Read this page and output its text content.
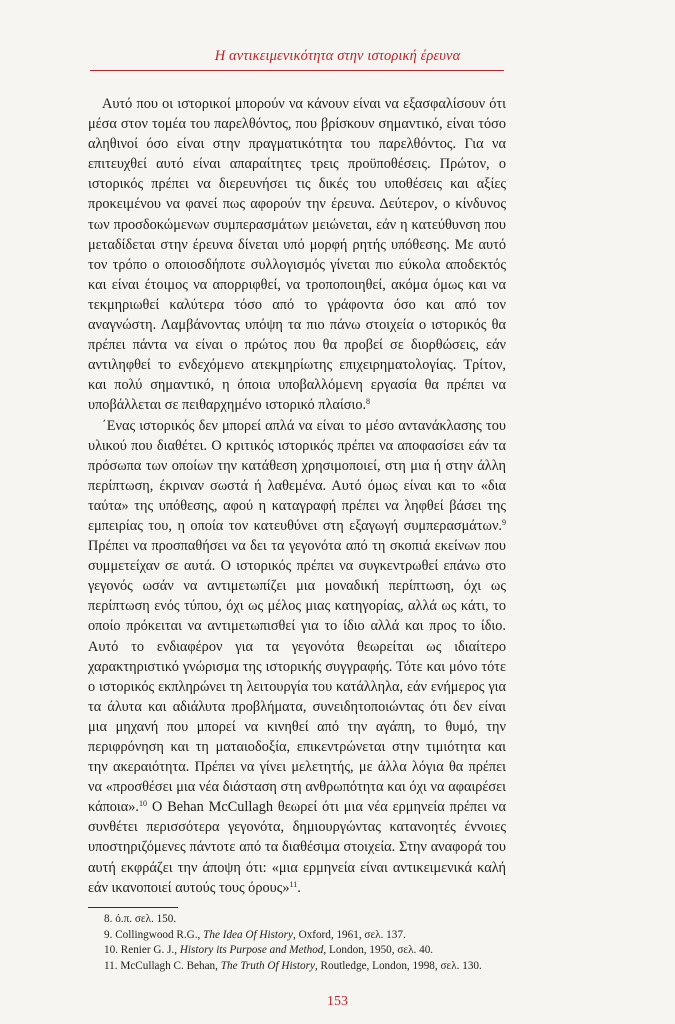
Η αντικειμενικότητα στην ιστορική έρευνα

Αυτό που οι ιστορικοί μπορούν να κάνουν είναι να εξασφαλίσουν ότι μέσα στον τομέα του παρελθόντος, που βρίσκουν σημαντικό, είναι τόσο αληθινοί όσο είναι στην πραγματικότητα του παρελθόντος. Για να επιτευχθεί αυτό είναι απαραίτητες τρεις προϋποθέσεις. Πρώτον, ο ιστορικός πρέπει να διερευνήσει τις δικές του υποθέσεις και αξίες προκειμένου να φανεί πως αφορούν την έρευνα. Δεύτερον, ο κίνδυνος των προσδοκώμενων συμπερασμάτων μειώνεται, εάν η κατεύθυνση που μεταδίδεται στην έρευνα δίνεται υπό μορφή ρητής υπόθεσης. Με αυτό τον τρόπο ο οποιοσδήποτε συλλογισμός γίνεται πιο εύκολα αποδεκτός και είναι έτοιμος να απορριφθεί, να τροποποιηθεί, ακόμα όμως και να τεκμηριωθεί καλύτερα τόσο από το γράφοντα όσο και από τον αναγνώστη. Λαμβάνοντας υπόψη τα πιο πάνω στοιχεία ο ιστορικός θα πρέπει πάντα να είναι ο πρώτος που θα προβεί σε διορθώσεις, εάν αντιληφθεί το ενδεχόμενο ατεκμηρίωτης επιχειρηματολογίας. Τρίτον, και πολύ σημαντικό, η όποια υποβαλλόμενη εργασία θα πρέπει να υποβάλλεται σε πειθαρχημένο ιστορικό πλαίσιο.$^8$

΄Ενας ιστορικός δεν μπορεί απλά να είναι το μέσο αντανάκλασης του υλικού που διαθέτει. Ο κριτικός ιστορικός πρέπει να αποφασίσει εάν τα πρόσωπα των οποίων την κατάθεση χρησιμοποιεί, στη μια ή στην άλλη περίπτωση, έκριναν σωστά ή λαθεμένα. Αυτό όμως είναι και το «δια ταύτα» της υπόθεσης, αφού η καταγραφή πρέπει να ληφθεί βάσει της εμπειρίας του, η οποία τον κατευθύνει στη εξαγωγή συμπερασμάτων.$^9$ Πρέπει να προσπαθήσει να δει τα γεγονότα από τη σκοπιά εκείνων που συμμετείχαν σε αυτά. Ο ιστορικός πρέπει να συγκεντρωθεί επάνω στο γεγονός ωσάν να αντιμετωπίζει μια μοναδική περίπτωση, όχι ως περίπτωση ενός τύπου, όχι ως μέλος μιας κατηγορίας, αλλά ως κάτι, το οποίο πρόκειται να αντιμετωπισθεί για το ίδιο αλλά και προς το ίδιο. Αυτό το ενδιαφέρον για τα γεγονότα θεωρείται ως ιδιαίτερο χαρακτηριστικό γνώρισμα της ιστορικής συγγραφής. Τότε και μόνο τότε ο ιστορικός εκπληρώνει τη λειτουργία του κατάλληλα, εάν ενήμερος για τα άλυτα και αδιάλυτα προβλήματα, συνειδητοποιώντας ότι δεν είναι μια μηχανή που μπορεί να κινηθεί από την αγάπη, το θυμό, την περιφρόνηση και τη ματαιοδοξία, επικεντρώνεται στην τιμιότητα και την ακεραιότητα. Πρέπει να γίνει μελετητής, με άλλα λόγια θα πρέπει να «προσθέσει μια νέα διάσταση στη ανθρωπότητα και όχι να αφαιρέσει κάποια».$^{10}$ Ο Behan McCullagh θεωρεί ότι μια νέα ερμηνεία πρέπει να συνθέτει περισσότερα γεγονότα, δημιουργώντας κατανοητές έννοιες υποστηριζόμενες πάντοτε από τα διαθέσιμα στοιχεία. Στην αναφορά του αυτή εκφράζει την άποψη ότι: «μια ερμηνεία είναι αντικειμενικά καλή εάν ικανοποιεί αυτούς τους όρους»$^{11}$.

8. ό.π. σελ. 150.
9. Collingwood R.G., The Idea Of History, Oxford, 1961, σελ. 137.
10. Renier G. J., History its Purpose and Method, London, 1950, σελ. 40.
11. McCullagh C. Behan, The Truth Of History, Routledge, London, 1998, σελ. 130.
153
